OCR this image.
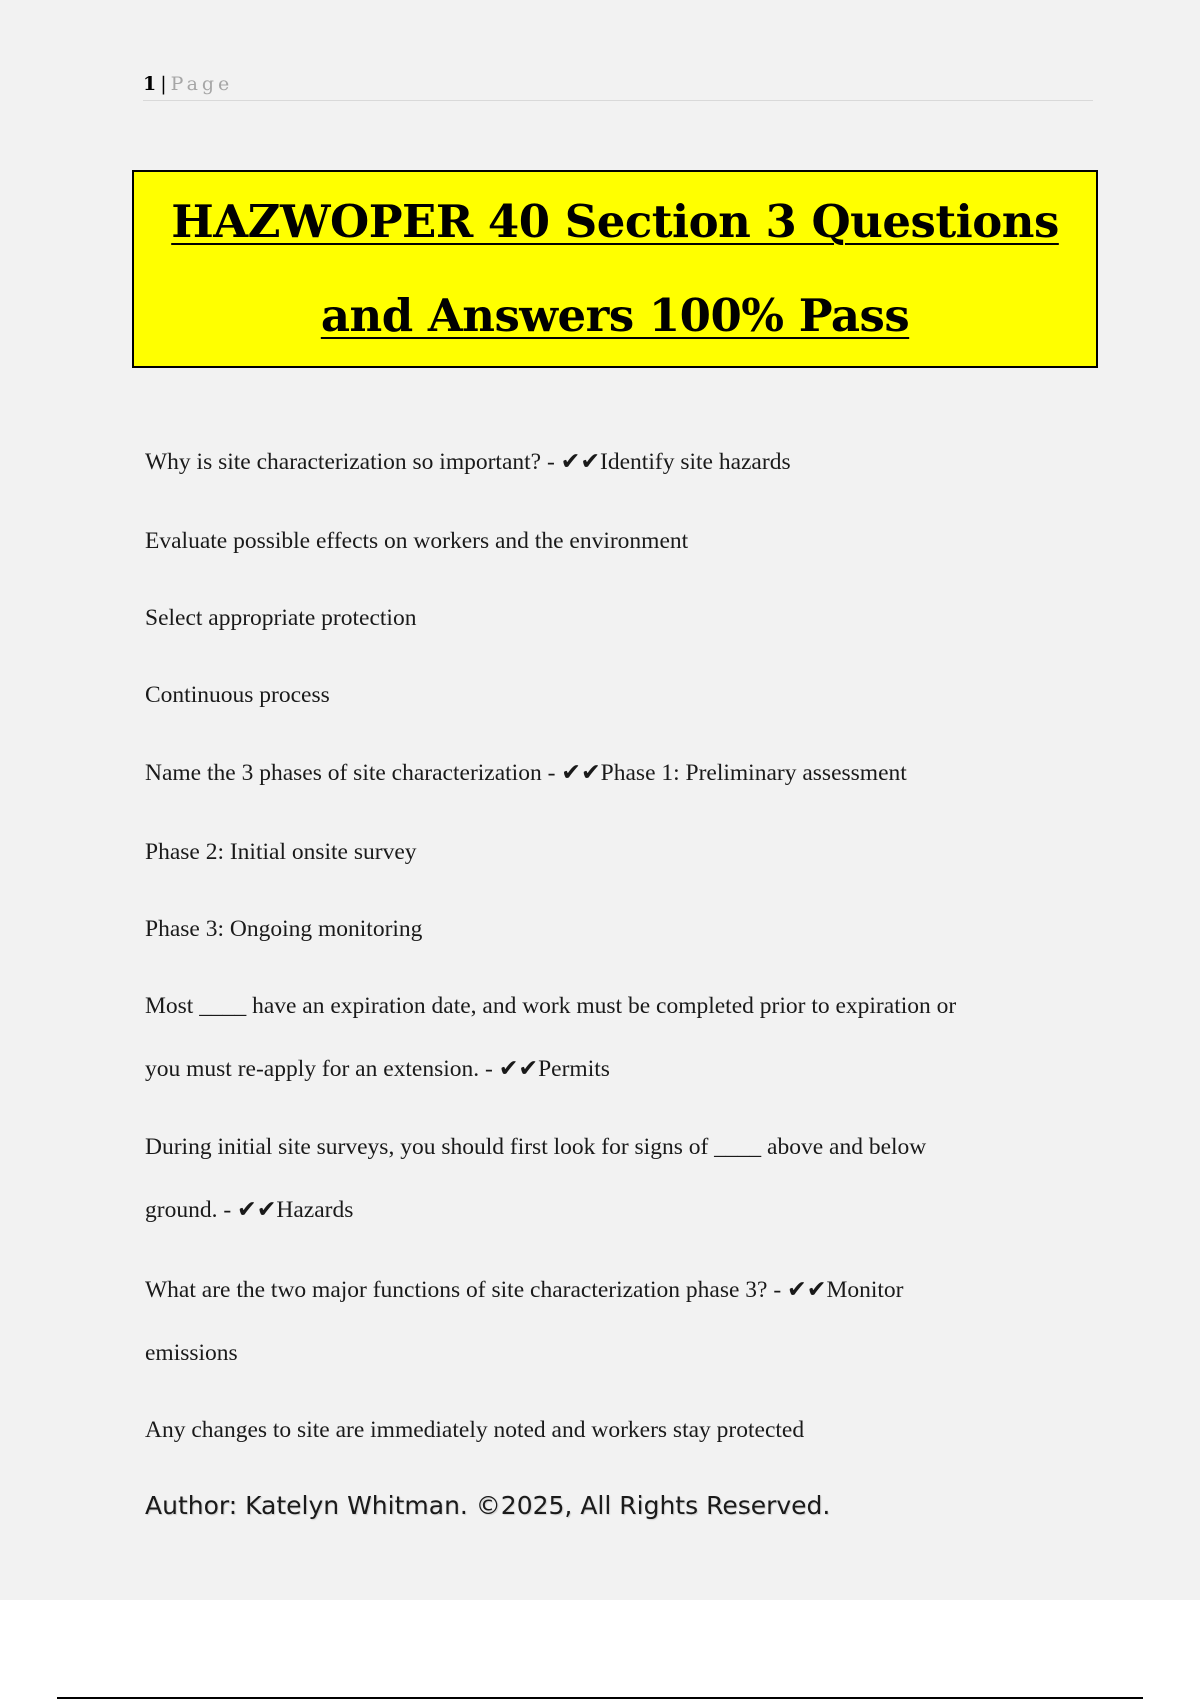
1 | Page
HAZWOPER 40 Section 3 Questions
and Answers 100% Pass
Why is site characterization so important? - ✔✔Identify site hazards
Evaluate possible effects on workers and the environment
Select appropriate protection
Continuous process
Name the 3 phases of site characterization - ✔✔Phase 1: Preliminary assessment
Phase 2: Initial onsite survey
Phase 3: Ongoing monitoring
Most ____ have an expiration date, and work must be completed prior to expiration or
you must re-apply for an extension. - ✔✔Permits
During initial site surveys, you should first look for signs of ____ above and below
ground. - ✔✔Hazards
What are the two major functions of site characterization phase 3? - ✔✔Monitor
emissions
Any changes to site are immediately noted and workers stay protected
Author: Katelyn Whitman. ©2025, All Rights Reserved.
